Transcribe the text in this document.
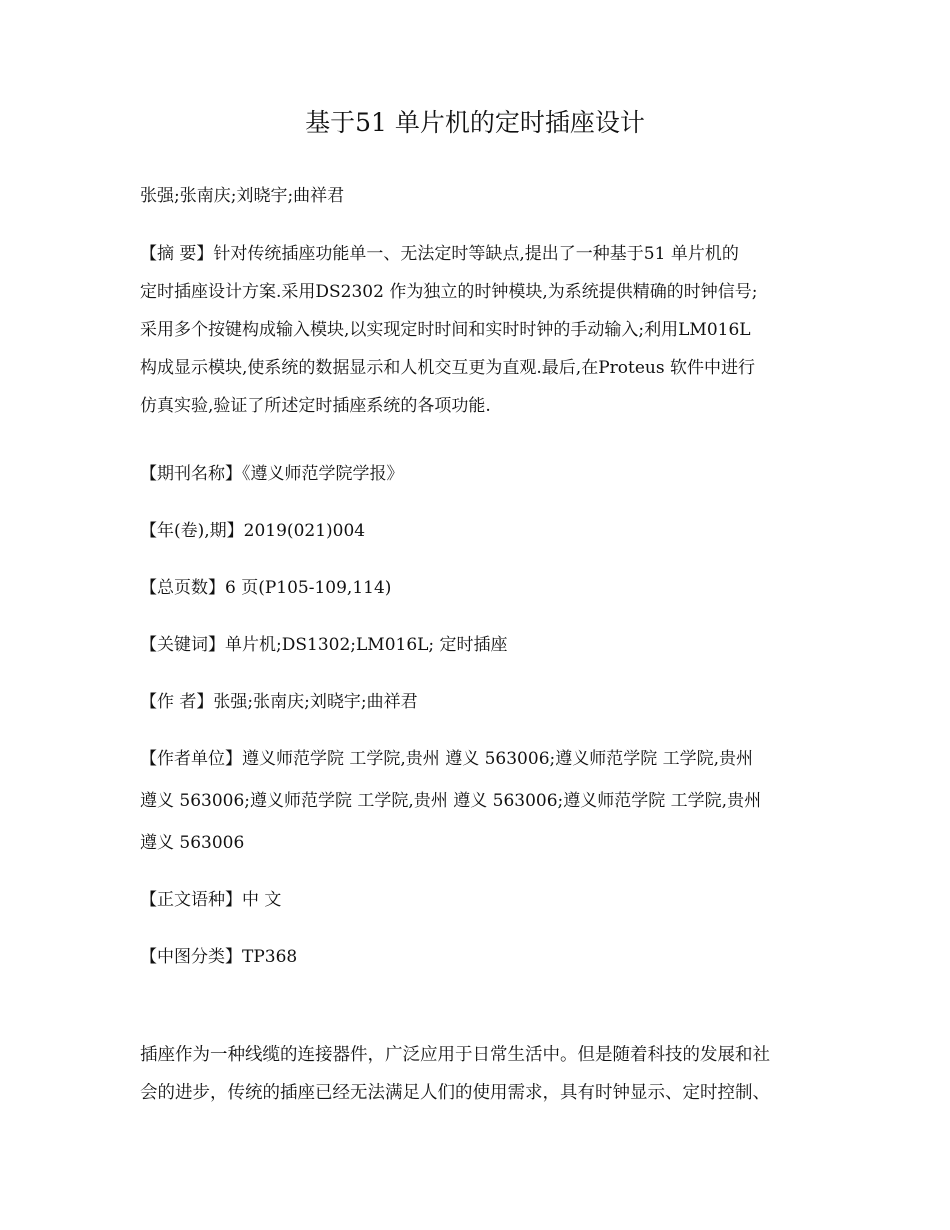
基于51 单片机的定时插座设计
张强;张南庆;刘晓宇;曲祥君
【摘 要】针对传统插座功能单一、无法定时等缺点,提出了一种基于51 单片机的
定时插座设计方案.采用DS2302 作为独立的时钟模块,为系统提供精确的时钟信号;
采用多个按键构成输入模块,以实现定时时间和实时时钟的手动输入;利用LM016L
构成显示模块,使系统的数据显示和人机交互更为直观.最后,在Proteus 软件中进行
仿真实验,验证了所述定时插座系统的各项功能.
【期刊名称】《遵义师范学院学报》
【年(卷),期】2019(021)004
【总页数】6 页(P105-109,114)
【关键词】单片机;DS1302;LM016L; 定时插座
【作 者】张强;张南庆;刘晓宇;曲祥君
【作者单位】遵义师范学院 工学院,贵州 遵义 563006;遵义师范学院 工学院,贵州
遵义 563006;遵义师范学院 工学院,贵州 遵义 563006;遵义师范学院 工学院,贵州
遵义 563006
【正文语种】中 文
【中图分类】TP368
插座作为一种线缆的连接器件，广泛应用于日常生活中。但是随着科技的发展和社
会的进步，传统的插座已经无法满足人们的使用需求，具有时钟显示、定时控制、
